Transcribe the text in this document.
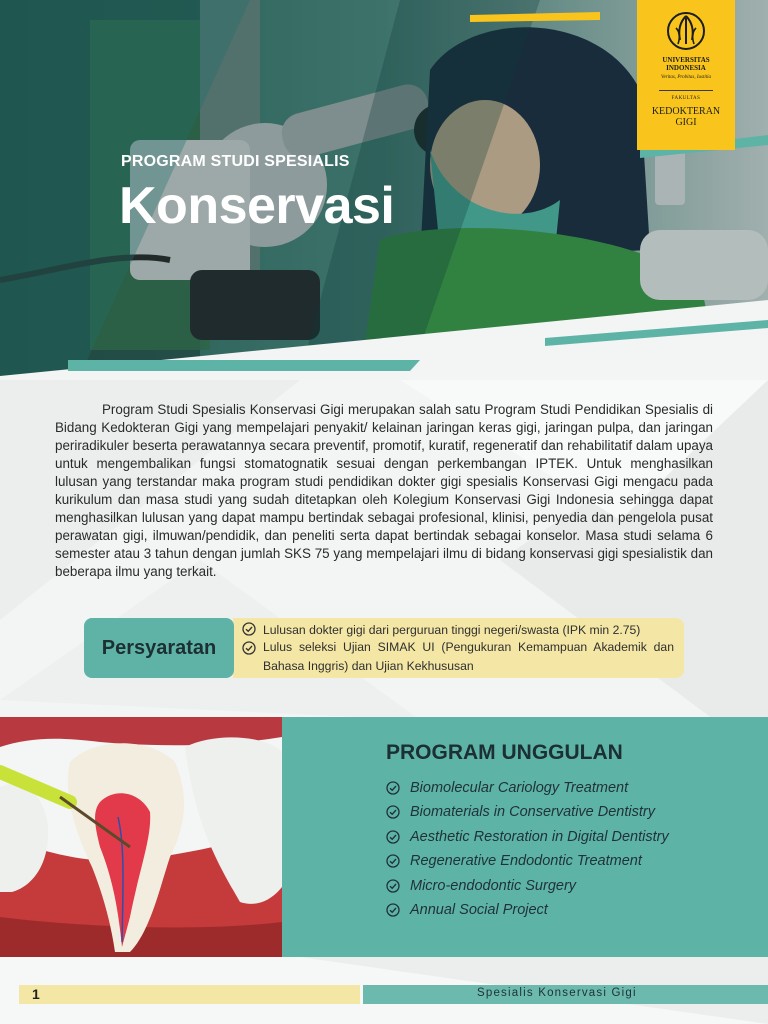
PROGRAM STUDI SPESIALIS
Konservasi
UNIVERSITAS
INDONESIA
Veritas, Probitas, Iustitia
FAKULTAS
KEDOKTERAN
GIGI

Program Studi Spesialis Konservasi Gigi merupakan salah satu Program Studi Pendidikan Spesialis di Bidang Kedokteran Gigi yang mempelajari penyakit/ kelainan jaringan keras gigi, jaringan pulpa, dan jaringan periradikuler beserta perawatannya secara preventif, promotif, kuratif, regeneratif dan rehabilitatif dalam upaya untuk mengembalikan fungsi stomatognatik sesuai dengan perkembangan IPTEK. Untuk menghasilkan lulusan yang terstandar maka program studi pendidikan dokter gigi spesialis Konservasi Gigi mengacu pada kurikulum dan masa studi yang sudah ditetapkan oleh Kolegium Konservasi Gigi Indonesia sehingga dapat menghasilkan lulusan yang dapat mampu bertindak sebagai profesional, klinisi, penyedia dan pengelola pusat perawatan gigi, ilmuwan/pendidik, dan peneliti serta dapat bertindak sebagai konselor. Masa studi selama 6 semester atau 3 tahun dengan jumlah SKS 75 yang mempelajari ilmu di bidang konservasi gigi spesialistik dan beberapa ilmu yang terkait.

Persyaratan
Lulusan dokter gigi dari perguruan tinggi negeri/swasta (IPK min 2.75)
Lulus seleksi Ujian SIMAK UI (Pengukuran Kemampuan Akademik dan Bahasa Inggris) dan Ujian Kekhususan
PROGRAM UNGGULAN
Biomolecular Cariology Treatment
Biomaterials in Conservative Dentistry
Aesthetic Restoration in Digital Dentistry
Regenerative Endodontic Treatment
Micro-endodontic Surgery
Annual Social Project
1	Spesialis Konservasi Gigi
